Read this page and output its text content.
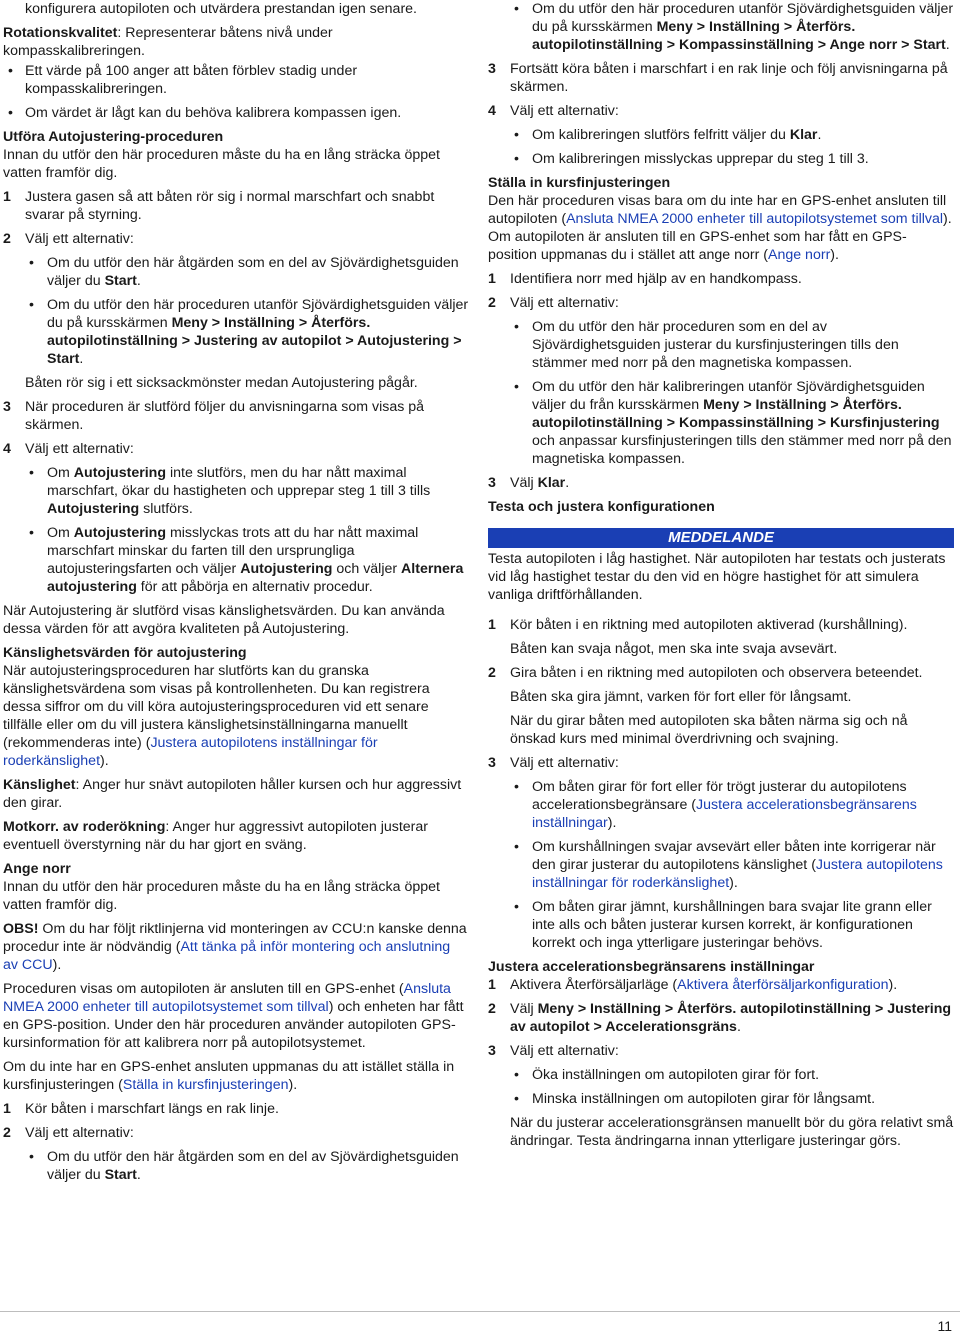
konfigurera autopiloten och utvärdera prestandan igen senare.
Rotationskvalitet: Representerar båtens nivå under kompasskalibreringen.
• Ett värde på 100 anger att båten förblev stadig under kompasskalibreringen.
• Om värdet är lågt kan du behöva kalibrera kompassen igen.
Utföra Autojustering-proceduren
Innan du utför den här proceduren måste du ha en lång sträcka öppet vatten framför dig.
1 Justera gasen så att båten rör sig i normal marschfart och snabbt svarar på styrning.
2 Välj ett alternativ:
• Om du utför den här åtgärden som en del av Sjövärdighetsguiden väljer du Start.
• Om du utför den här proceduren utanför Sjövärdighetsguiden väljer du på kursskärmen Meny > Inställning > Återförs. autopilotinställning > Justering av autopilot > Autojustering > Start.
Båten rör sig i ett sicksackmönster medan Autojustering pågår.
3 När proceduren är slutförd följer du anvisningarna som visas på skärmen.
4 Välj ett alternativ:
• Om Autojustering inte slutförs, men du har nått maximal marschfart, ökar du hastigheten och upprepar steg 1 till 3 tills Autojustering slutförs.
• Om Autojustering misslyckas trots att du har nått maximal marschfart minskar du farten till den ursprungliga autojusteringsfarten och väljer Autojustering och väljer Alternera autojustering för att påbörja en alternativ procedur.
När Autojustering är slutförd visas känslighetsvärden. Du kan använda dessa värden för att avgöra kvaliteten på Autojustering.
Känslighetsvärden för autojustering
När autojusteringsproceduren har slutförts kan du granska känslighetsvärdena som visas på kontrollenheten. Du kan registrera dessa siffror om du vill köra autojusteringsproceduren vid ett senare tillfälle eller om du vill justera känslighetsinställningarna manuellt (rekommenderas inte) (Justera autopilotens inställningar för roderkänslighet).
Känslighet: Anger hur snävt autopiloten håller kursen och hur aggressivt den girar.
Motkorr. av roderökning: Anger hur aggressivt autopiloten justerar eventuell överstyrning när du har gjort en sväng.
Ange norr
Innan du utför den här proceduren måste du ha en lång sträcka öppet vatten framför dig.
OBS! Om du har följt riktlinjerna vid monteringen av CCU:n kanske denna procedur inte är nödvändig (Att tänka på inför montering och anslutning av CCU).
Proceduren visas om autopiloten är ansluten till en GPS-enhet (Ansluta NMEA 2000 enheter till autopilotsystemet som tillval) och enheten har fått en GPS-position. Under den här proceduren använder autopiloten GPS-kursinformation för att kalibrera norr på autopilotsystemet.
Om du inte har en GPS-enhet ansluten uppmanas du att istället ställa in kursfinjusteringen (Ställa in kursfinjusteringen).
1 Kör båten i marschfart längs en rak linje.
2 Välj ett alternativ:
• Om du utför den här åtgärden som en del av Sjövärdighetsguiden väljer du Start.
• Om du utför den här proceduren utanför Sjövärdighetsguiden väljer du på kursskärmen Meny > Inställning > Återförs. autopilotinställning > Kompassinställning > Ange norr > Start.
3 Fortsätt köra båten i marschfart i en rak linje och följ anvisningarna på skärmen.
4 Välj ett alternativ:
• Om kalibreringen slutförs felfritt väljer du Klar.
• Om kalibreringen misslyckas upprepar du steg 1 till 3.
Ställa in kursfinjusteringen
Den här proceduren visas bara om du inte har en GPS-enhet ansluten till autopiloten (Ansluta NMEA 2000 enheter till autopilotsystemet som tillval). Om autopiloten är ansluten till en GPS-enhet som har fått en GPS-position uppmanas du i stället att ange norr (Ange norr).
1 Identifiera norr med hjälp av en handkompass.
2 Välj ett alternativ:
• Om du utför den här proceduren som en del av Sjövärdighetsguiden justerar du kursfinjusteringen tills den stämmer med norr på den magnetiska kompassen.
• Om du utför den här kalibreringen utanför Sjövärdighetsguiden väljer du från kursskärmen Meny > Inställning > Återförs. autopilotinställning > Kompassinställning > Kursfinjustering och anpassar kursfinjusteringen tills den stämmer med norr på den magnetiska kompassen.
3 Välj Klar.
Testa och justera konfigurationen
MEDDELANDE
Testa autopiloten i låg hastighet. När autopiloten har testats och justerats vid låg hastighet testar du den vid en högre hastighet för att simulera vanliga driftförhållanden.
1 Kör båten i en riktning med autopiloten aktiverad (kurshållning).
Båten kan svaja något, men ska inte svaja avsevärt.
2 Gira båten i en riktning med autopiloten och observera beteendet.
Båten ska gira jämnt, varken för fort eller för långsamt.
När du girar båten med autopiloten ska båten närma sig och nå önskad kurs med minimal överdrivning och svajning.
3 Välj ett alternativ:
• Om båten girar för fort eller för trögt justerar du autopilotens accelerationsbegränsare (Justera accelerationsbegränsarens inställningar).
• Om kurshållningen svajar avsevärt eller båten inte korrigerar när den girar justerar du autopilotens känslighet (Justera autopilotens inställningar för roderkänslighet).
• Om båten girar jämnt, kurshållningen bara svajar lite grann eller inte alls och båten justerar kursen korrekt, är konfigurationen korrekt och inga ytterligare justeringar behövs.
Justera accelerationsbegränsarens inställningar
1 Aktivera Återförsäljarläge (Aktivera återförsäljarkonfiguration).
2 Välj Meny > Inställning > Återförs. autopilotinställning > Justering av autopilot > Accelerationsgräns.
3 Välj ett alternativ:
• Öka inställningen om autopiloten girar för fort.
• Minska inställningen om autopiloten girar för långsamt.
När du justerar accelerationsgränsen manuellt bör du göra relativt små ändringar. Testa ändringarna innan ytterligare justeringar görs.
11
